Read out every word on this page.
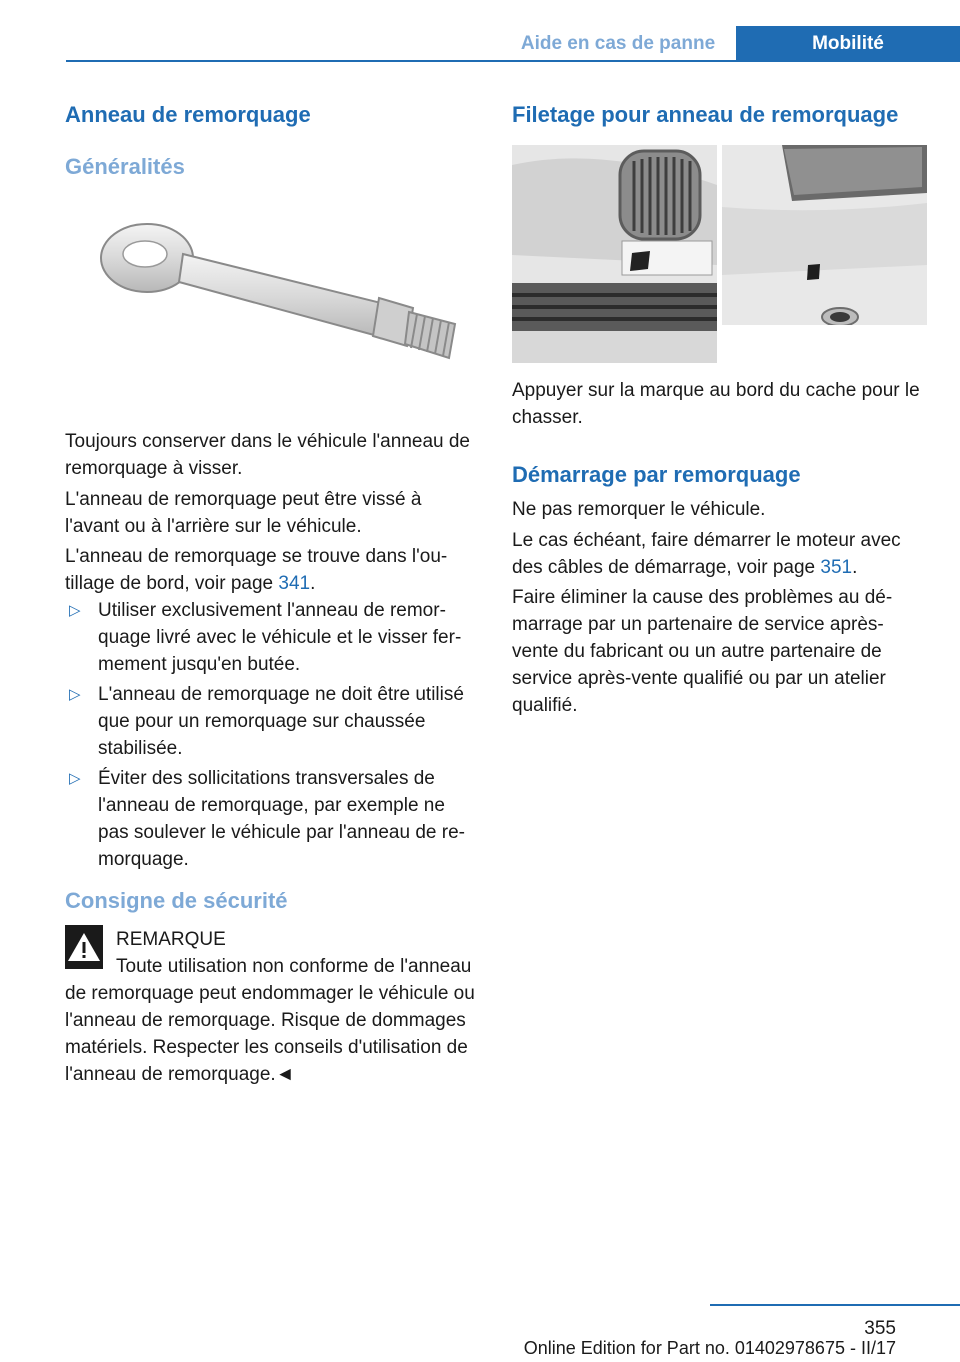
Aide en cas de panne	Mobilité
Anneau de remorquage
Généralités

Toujours conserver dans le véhicule l'anneau de remorquage à visser.

L'anneau de remorquage peut être vissé à l'avant ou à l'arrière sur le véhicule.

L'anneau de remorquage se trouve dans l'outillage de bord, voir page 341.

▷ Utiliser exclusivement l'anneau de remorquage livré avec le véhicule et le visser fermement jusqu'en butée.
▷ L'anneau de remorquage ne doit être utilisé que pour un remorquage sur chaussée stabilisée.
▷ Éviter des sollicitations transversales de l'anneau de remorquage, par exemple ne pas soulever le véhicule par l'anneau de remorquage.
Consigne de sécurité
REMARQUE
Toute utilisation non conforme de l'anneau de remorquage peut endommager le véhicule ou l'anneau de remorquage. Risque de dommages matériels. Respecter les conseils d'utilisation de l'anneau de remorquage.◄
Filetage pour anneau de remorquage

Appuyer sur la marque au bord du cache pour le chasser.

Démarrage par remorquage

Ne pas remorquer le véhicule.

Le cas échéant, faire démarrer le moteur avec des câbles de démarrage, voir page 351.

Faire éliminer la cause des problèmes au démarrage par un partenaire de service après-vente du fabricant ou un autre partenaire de service après-vente qualifié ou par un atelier qualifié.

355
Online Edition for Part no. 01402978675 - II/17
